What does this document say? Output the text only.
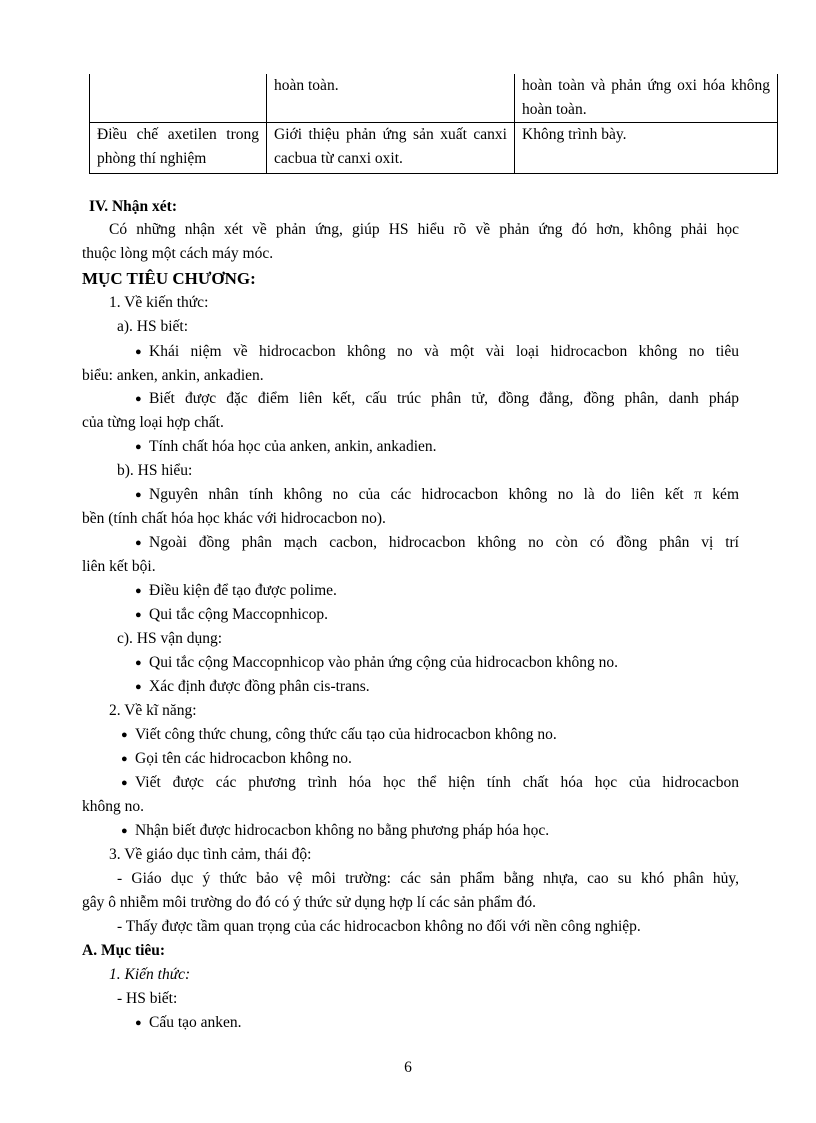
	hoàn toàn.	hoàn toàn và phản ứng oxi hóa không hoàn toàn.
Điều chế axetilen trong phòng thí nghiệm	Giới thiệu phản ứng sản xuất canxi cacbua từ canxi oxit.	Không trình bày.
IV. Nhận xét:
Có những nhận xét về phản ứng, giúp HS hiểu rõ về phản ứng đó hơn, không phải học
thuộc lòng một cách máy móc.
MỤC TIÊU CHƯƠNG:
1. Về kiến thức:
a). HS biết:
● Khái niệm về hidrocacbon không no và một vài loại hidrocacbon không no tiêu
biểu: anken, ankin, ankadien.
● Biết được đặc điểm liên kết, cấu trúc phân tử, đồng đẳng, đồng phân, danh pháp
của từng loại hợp chất.
● Tính chất hóa học của anken, ankin, ankadien.
b). HS hiểu:
● Nguyên nhân tính không no của các hidrocacbon không no là do liên kết π kém
bền (tính chất hóa học khác với hidrocacbon no).
● Ngoài đồng phân mạch cacbon, hidrocacbon không no còn có đồng phân vị trí
liên kết bội.
● Điều kiện để tạo được polime.
● Qui tắc cộng Maccopnhicop.
c). HS vận dụng:
● Qui tắc cộng Maccopnhicop vào phản ứng cộng của hidrocacbon không no.
● Xác định được đồng phân cis-trans.
2. Về kĩ năng:
● Viết công thức chung, công thức cấu tạo của hidrocacbon không no.
● Gọi tên các hidrocacbon không no.
● Viết được các phương trình hóa học thể hiện tính chất hóa học của hidrocacbon
không no.
● Nhận biết được hidrocacbon không no bằng phương pháp hóa học.
3. Về giáo dục tình cảm, thái độ:
- Giáo dục ý thức bảo vệ môi trường: các sản phẩm bằng nhựa, cao su khó phân hủy,
gây ô nhiễm môi trường do đó có ý thức sử dụng hợp lí các sản phẩm đó.
- Thấy được tầm quan trọng của các hidrocacbon không no đối với nền công nghiệp.
A. Mục tiêu:
1. Kiến thức:
- HS biết:
● Cấu tạo anken.
6
